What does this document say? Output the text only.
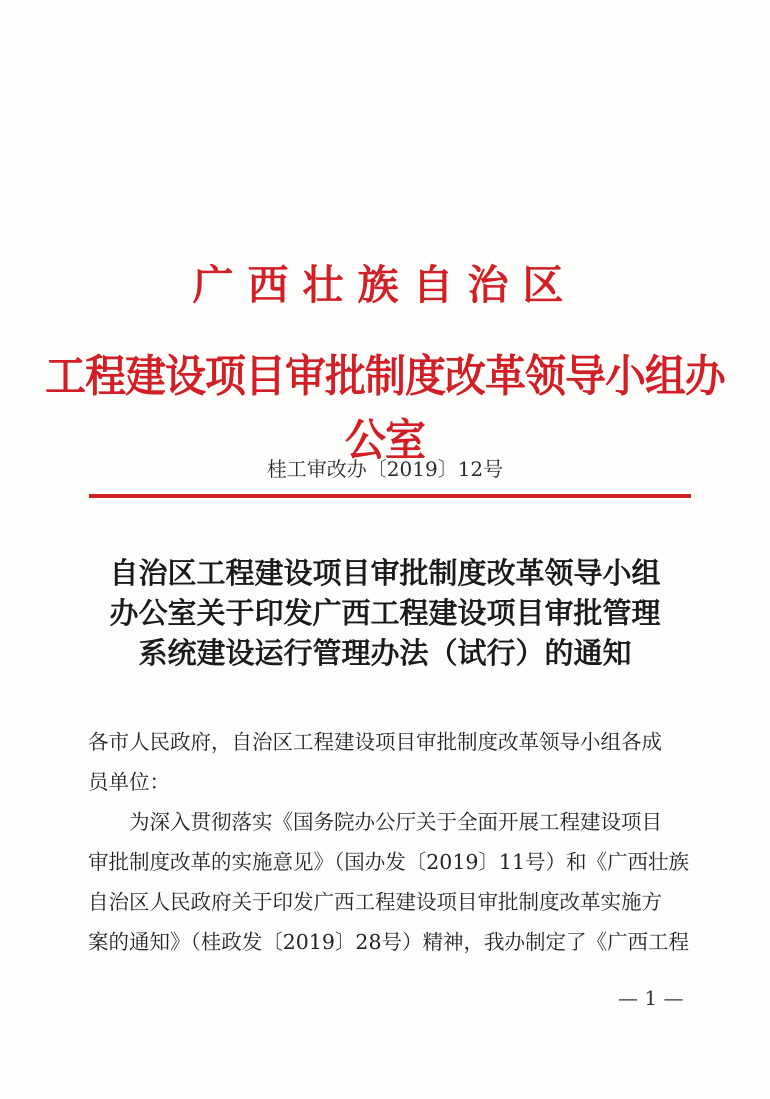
广西壮族自治区
工程建设项目审批制度改革领导小组办公室
桂工审改办〔2019〕12号
自治区工程建设项目审批制度改革领导小组
办公室关于印发广西工程建设项目审批管理
系统建设运行管理办法（试行）的通知
各市人民政府，自治区工程建设项目审批制度改革领导小组各成
员单位：
为深入贯彻落实《国务院办公厅关于全面开展工程建设项目
审批制度改革的实施意见》（国办发〔2019〕11号）和《广西壮族
自治区人民政府关于印发广西工程建设项目审批制度改革实施方
案的通知》（桂政发〔2019〕28号）精神，我办制定了《广西工程
— 1 —
